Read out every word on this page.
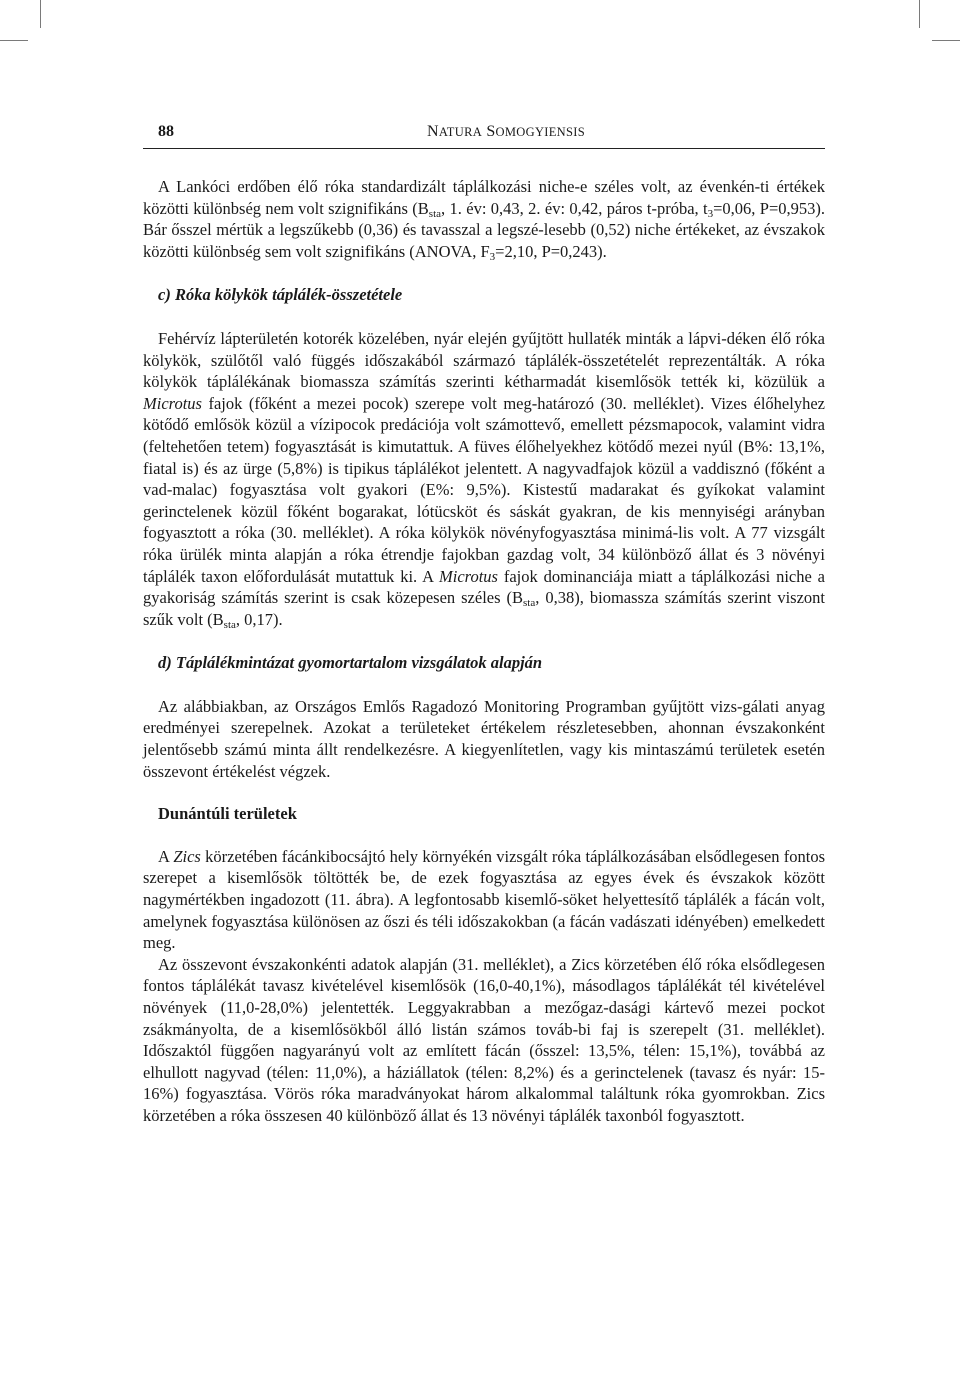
88	NATURA SOMOGYIENSIS

A Lankóci erdőben élő róka standardizált táplálkozási niche-e széles volt, az évenkén-ti értékek közötti különbség nem volt szignifikáns ($B_{sta}$, 1. év: 0,43, 2. év: 0,42, páros t-próba, $t_3=0,06$, P=0,953). Bár ősszel mértük a legszűkebb (0,36) és tavasszal a legszé-lesebb (0,52) niche értékeket, az évszakok közötti különbség sem volt szignifikáns (ANOVA, $F_3=2,10$, P=0,243).

c) Róka kölykök táplálék-összetétele

Fehérvíz lápterületén kotorék közelében, nyár elején gyűjtött hullaték minták a lápvi-déken élő róka kölykök, szülőtől való függés időszakából származó táplálék-összetételét reprezentálták. A róka kölykök táplálékának biomassza számítás szerinti kétharmadát kisemlősök tették ki, közülük a Microtus fajok (főként a mezei pocok) szerepe volt meg-határozó (30. melléklet). Vizes élőhelyhez kötődő emlősök közül a vízipocok predációja volt számottevő, emellett pézsmapocok, valamint vidra (feltehetően tetem) fogyasztását is kimutattuk. A füves élőhelyekhez kötődő mezei nyúl (B%: 13,1%, fiatal is) és az ürge (5,8%) is tipikus táplálékot jelentett. A nagyvadfajok közül a vaddisznó (főként a vad-malac) fogyasztása volt gyakori (E%: 9,5%). Kistestű madarakat és gyíkokat valamint gerinctelenek közül főként bogarakat, lótücsköt és sáskát gyakran, de kis mennyiségi arányban fogyasztott a róka (30. melléklet). A róka kölykök növényfogyasztása minimá-lis volt. A 77 vizsgált róka ürülék minta alapján a róka étrendje fajokban gazdag volt, 34 különböző állat és 3 növényi táplálék taxon előfordulását mutattuk ki. A Microtus fajok dominanciája miatt a táplálkozási niche a gyakoriság számítás szerint is csak közepesen széles ($B_{sta}$, 0,38), biomassza számítás szerint viszont szűk volt ($B_{sta}$, 0,17).

d) Táplálékmintázat gyomortartalom vizsgálatok alapján

Az alábbiakban, az Országos Emlős Ragadozó Monitoring Programban gyűjtött vizs-gálati anyag eredményei szerepelnek. Azokat a területeket értékelem részletesebben, ahonnan évszakonként jelentősebb számú minta állt rendelkezésre. A kiegyenlítetlen, vagy kis mintaszámú területek esetén összevont értékelést végzek.

Dunántúli területek

A Zics körzetében fácánkibocsájtó hely környékén vizsgált róka táplálkozásában elsődlegesen fontos szerepet a kisemlősök töltötték be, de ezek fogyasztása az egyes évek és évszakok között nagymértékben ingadozott (11. ábra). A legfontosabb kisemlő-söket helyettesítő táplálék a fácán volt, amelynek fogyasztása különösen az őszi és téli időszakokban (a fácán vadászati idényében) emelkedett meg.

Az összevont évszakonkénti adatok alapján (31. melléklet), a Zics körzetében élő róka elsődlegesen fontos táplálékát tavasz kivételével kisemlősök (16,0-40,1%), másodlagos táplálékát tél kivételével növények (11,0-28,0%) jelentették. Leggyakrabban a mezőgaz-dasági kártevő mezei pockot zsákmányolta, de a kisemlősökből álló listán számos továb-bi faj is szerepelt (31. melléklet). Időszaktól függően nagyarányú volt az említett fácán (ősszel: 13,5%, télen: 15,1%), továbbá az elhullott nagyvad (télen: 11,0%), a háziállatok (télen: 8,2%) és a gerinctelenek (tavasz és nyár: 15-16%) fogyasztása. Vörös róka maradványokat három alkalommal találtunk róka gyomrokban. Zics körzetében a róka összesen 40 különböző állat és 13 növényi táplálék taxonból fogyasztott.
